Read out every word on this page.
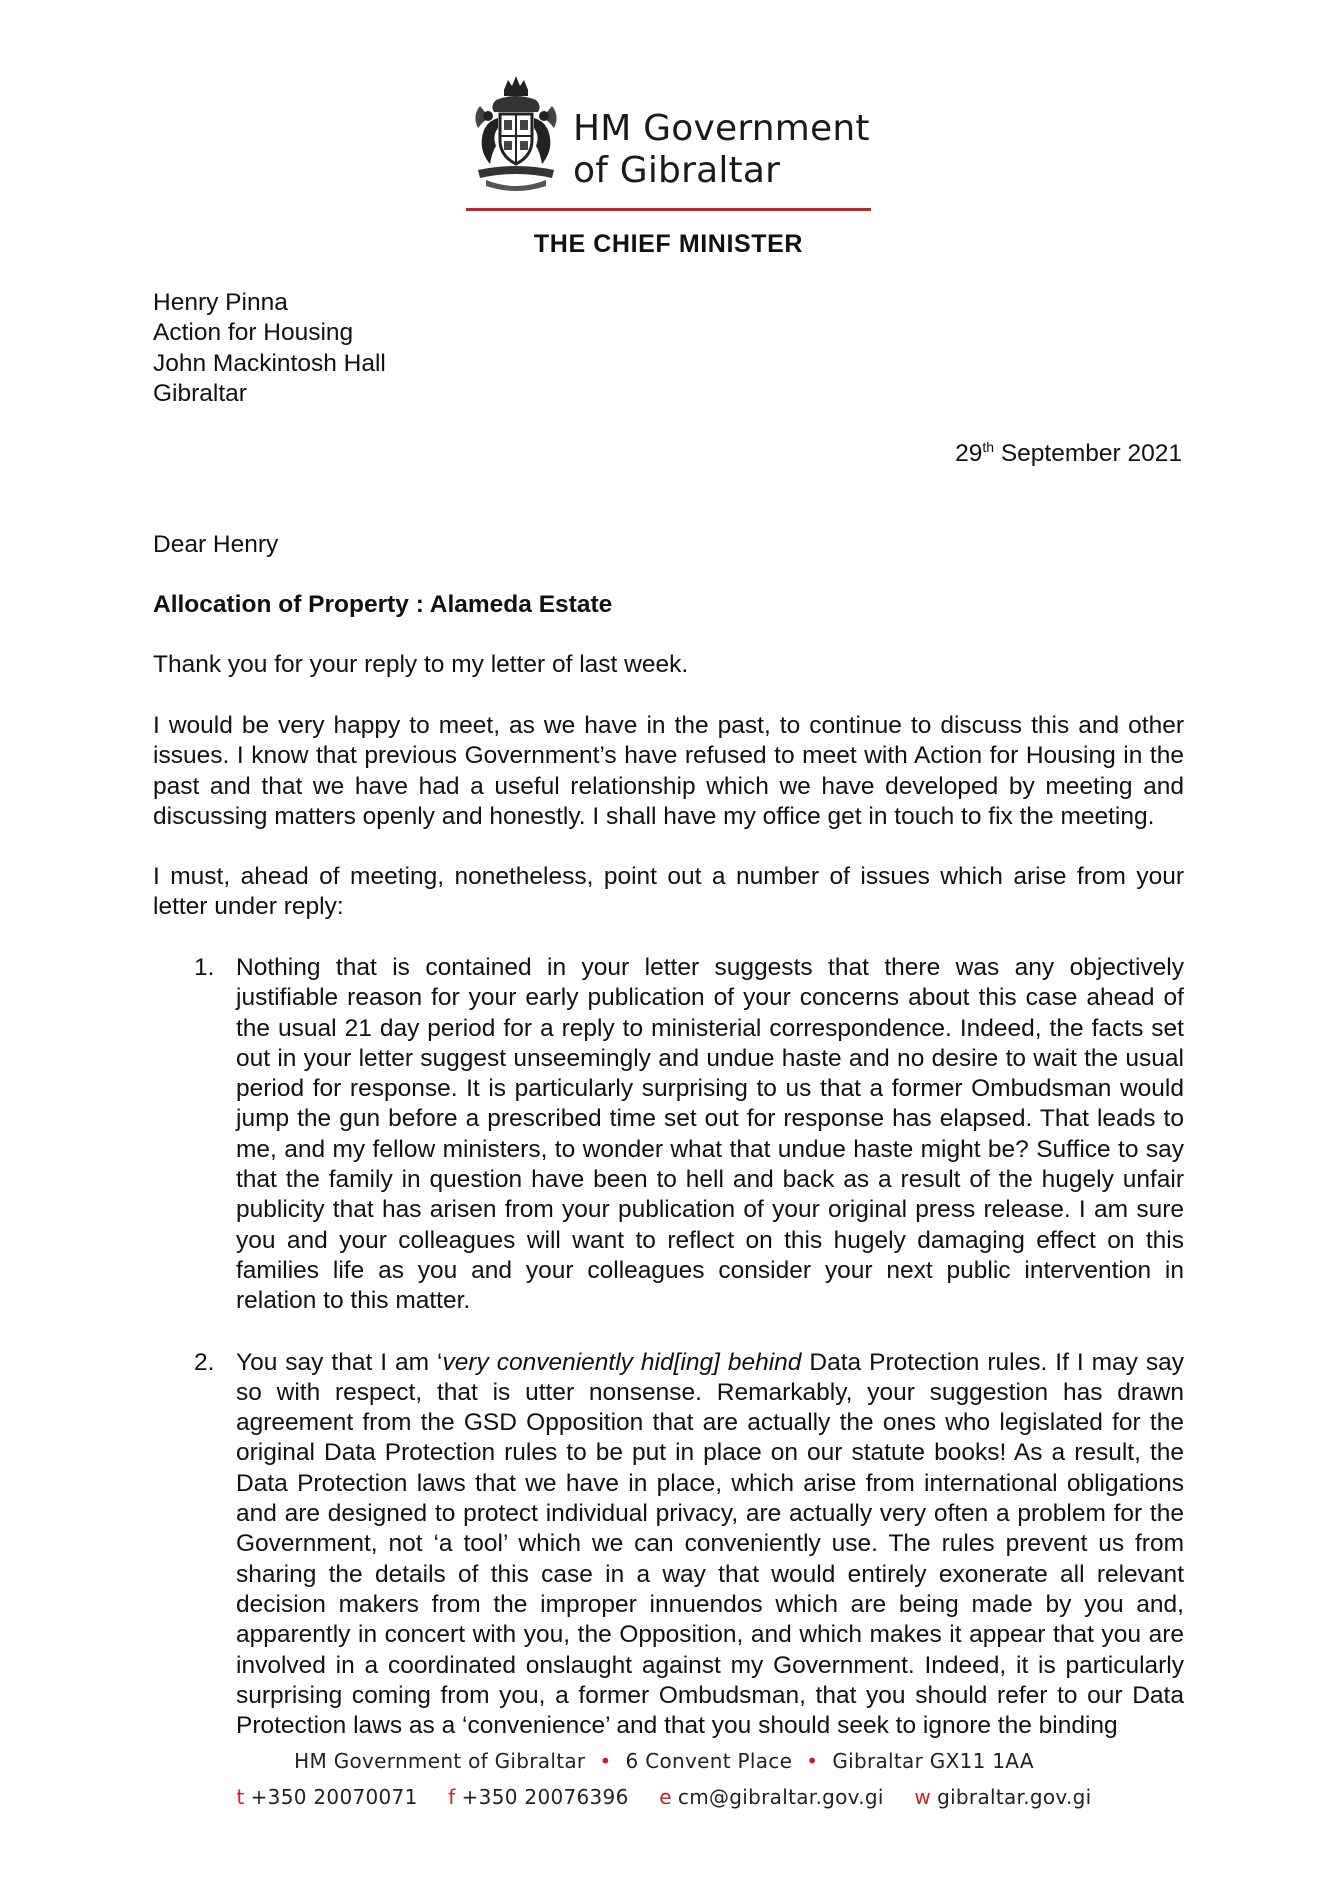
HM Government
of Gibraltar
THE CHIEF MINISTER
Henry Pinna
Action for Housing
John Mackintosh Hall
Gibraltar
29th September 2021
Dear Henry
Allocation of Property : Alameda Estate
Thank you for your reply to my letter of last week.
I would be very happy to meet, as we have in the past, to continue to discuss this and other issues. I know that previous Government’s have refused to meet with Action for Housing in the past and that we have had a useful relationship which we have developed by meeting and discussing matters openly and honestly. I shall have my office get in touch to fix the meeting.
I must, ahead of meeting, nonetheless, point out a number of issues which arise from your letter under reply:
1. Nothing that is contained in your letter suggests that there was any objectively justifiable reason for your early publication of your concerns about this case ahead of the usual 21 day period for a reply to ministerial correspondence. Indeed, the facts set out in your letter suggest unseemingly and undue haste and no desire to wait the usual period for response. It is particularly surprising to us that a former Ombudsman would jump the gun before a prescribed time set out for response has elapsed. That leads to me, and my fellow ministers, to wonder what that undue haste might be? Suffice to say that the family in question have been to hell and back as a result of the hugely unfair publicity that has arisen from your publication of your original press release. I am sure you and your colleagues will want to reflect on this hugely damaging effect on this families life as you and your colleagues consider your next public intervention in relation to this matter.
2. You say that I am ‘very conveniently hid[ing] behind Data Protection rules. If I may say so with respect, that is utter nonsense. Remarkably, your suggestion has drawn agreement from the GSD Opposition that are actually the ones who legislated for the original Data Protection rules to be put in place on our statute books! As a result, the Data Protection laws that we have in place, which arise from international obligations and are designed to protect individual privacy, are actually very often a problem for the Government, not ‘a tool’ which we can conveniently use. The rules prevent us from sharing the details of this case in a way that would entirely exonerate all relevant decision makers from the improper innuendos which are being made by you and, apparently in concert with you, the Opposition, and which makes it appear that you are involved in a coordinated onslaught against my Government. Indeed, it is particularly surprising coming from you, a former Ombudsman, that you should refer to our Data Protection laws as a ‘convenience’ and that you should seek to ignore the binding
HM Government of Gibraltar • 6 Convent Place • Gibraltar GX11 1AA
t +350 20070071 f +350 20076396 e cm@gibraltar.gov.gi w gibraltar.gov.gi
